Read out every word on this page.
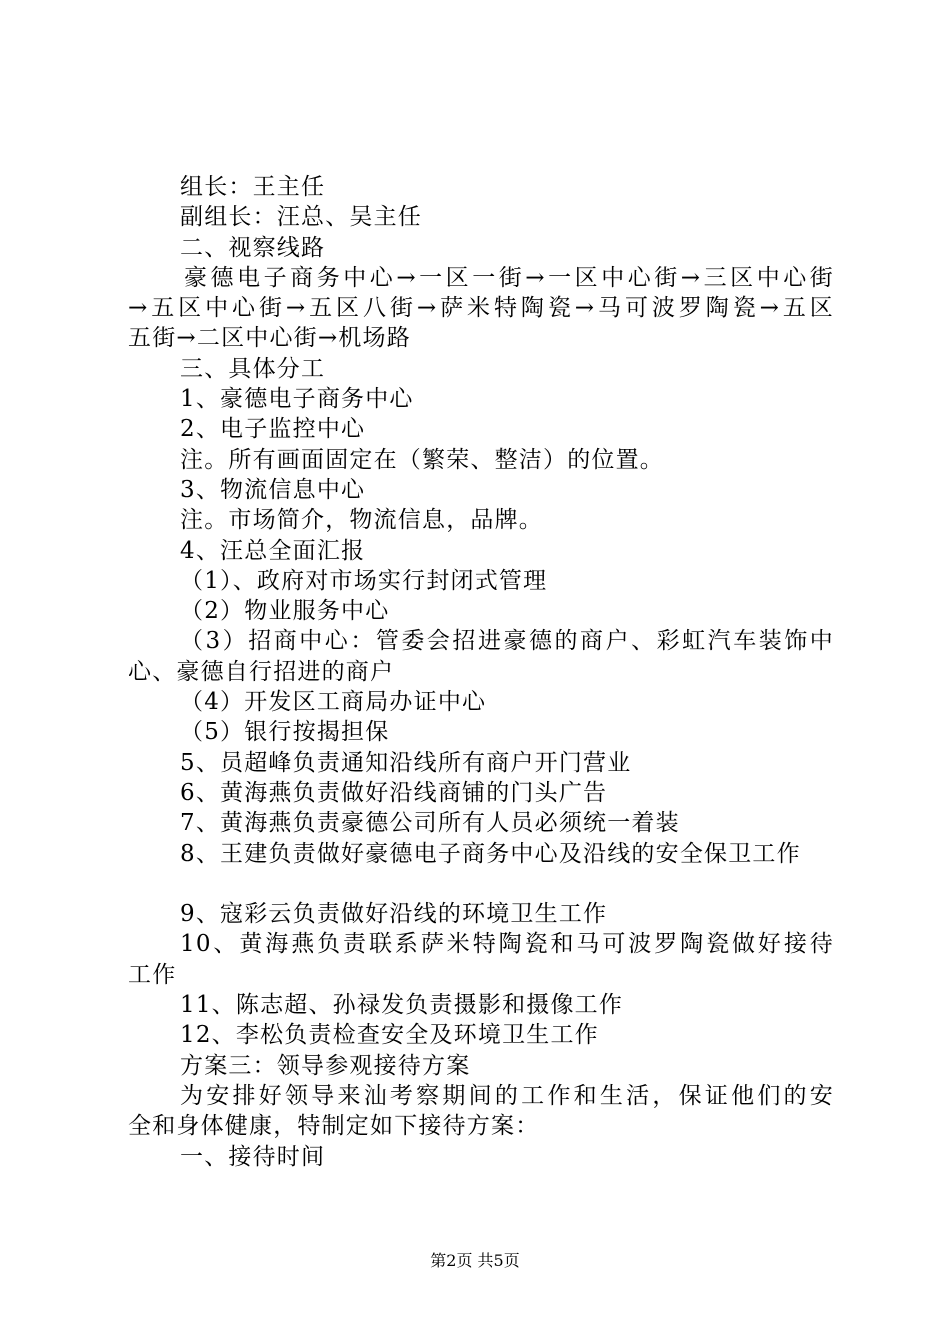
组长：王主任
副组长：汪总、吴主任
二、视察线路
豪德电子商务中心→一区一街→一区中心街→三区中心街
→五区中心街→五区八街→萨米特陶瓷→马可波罗陶瓷→五区
五街→二区中心街→机场路
三、具体分工
1、豪德电子商务中心
2、电子监控中心
注。所有画面固定在（繁荣、整洁）的位置。
3、物流信息中心
注。市场简介，物流信息，品牌。
4、汪总全面汇报
（1）、政府对市场实行封闭式管理
（2）物业服务中心
（3）招商中心：管委会招进豪德的商户、彩虹汽车装饰中
心、豪德自行招进的商户
（4）开发区工商局办证中心
（5）银行按揭担保
5、员超峰负责通知沿线所有商户开门营业
6、黄海燕负责做好沿线商铺的门头广告
7、黄海燕负责豪德公司所有人员必须统一着装
8、王建负责做好豪德电子商务中心及沿线的安全保卫工作
9、寇彩云负责做好沿线的环境卫生工作
10、黄海燕负责联系萨米特陶瓷和马可波罗陶瓷做好接待
工作
11、陈志超、孙禄发负责摄影和摄像工作
12、李松负责检查安全及环境卫生工作
方案三：领导参观接待方案
为安排好领导来汕考察期间的工作和生活，保证他们的安
全和身体健康，特制定如下接待方案：
一、接待时间
第2页 共5页
